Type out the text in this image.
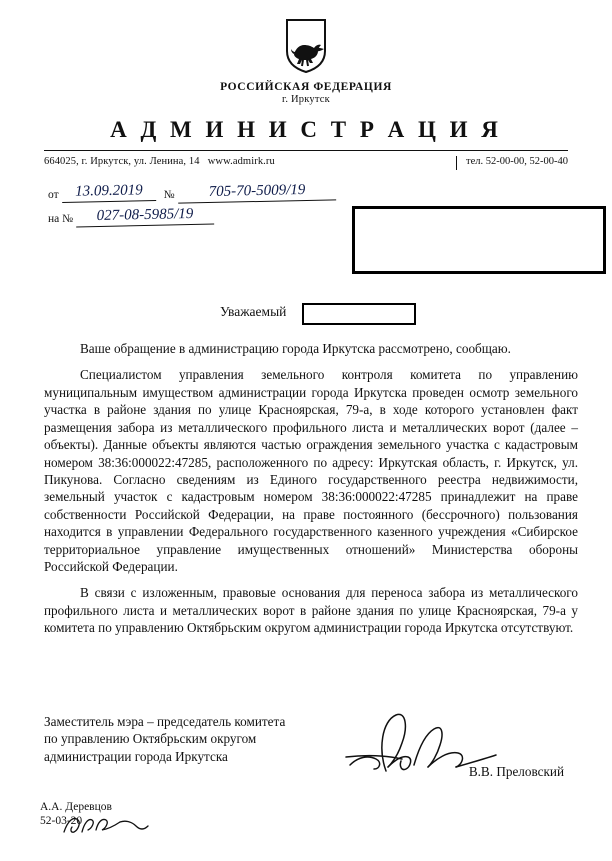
РОССИЙСКАЯ ФЕДЕРАЦИЯ
г. Иркутск
А Д М И Н И С Т Р А Ц И Я
664025, г. Иркутск, ул. Ленина, 14 www.admirk.ru	тел. 52-00-00, 52-00-40
от	13.09.2019	№	705-70-5009/19
на №	027-08-5985/19
Уважаемый

Ваше обращение в администрацию города Иркутска рассмотрено, сообщаю.

Специалистом управления земельного контроля комитета по управлению муниципальным имуществом администрации города Иркутска проведен осмотр земельного участка в районе здания по улице Красноярская, 79-а, в ходе которого установлен факт размещения забора из металлического профильного листа и металлических ворот (далее – объекты). Данные объекты являются частью ограждения земельного участка с кадастровым номером 38:36:000022:47285, расположенного по адресу: Иркутская область, г. Иркутск, ул. Пикунова. Согласно сведениям из Единого государственного реестра недвижимости, земельный участок с кадастровым номером 38:36:000022:47285 принадлежит на праве собственности Российской Федерации, на праве постоянного (бессрочного) пользования находится в управлении Федерального государственного казенного учреждения «Сибирское территориальное управление имущественных отношений» Министерства обороны Российской Федерации.

В связи с изложенным, правовые основания для переноса забора из металлического профильного листа и металлических ворот в районе здания по улице Красноярская, 79-а у комитета по управлению Октябрьским округом администрации города Иркутска отсутствуют.

Заместитель мэра – председатель комитета
по управлению Октябрьским округом
администрации города Иркутска
В.В. Преловский
А.А. Деревцов
52-03-20
